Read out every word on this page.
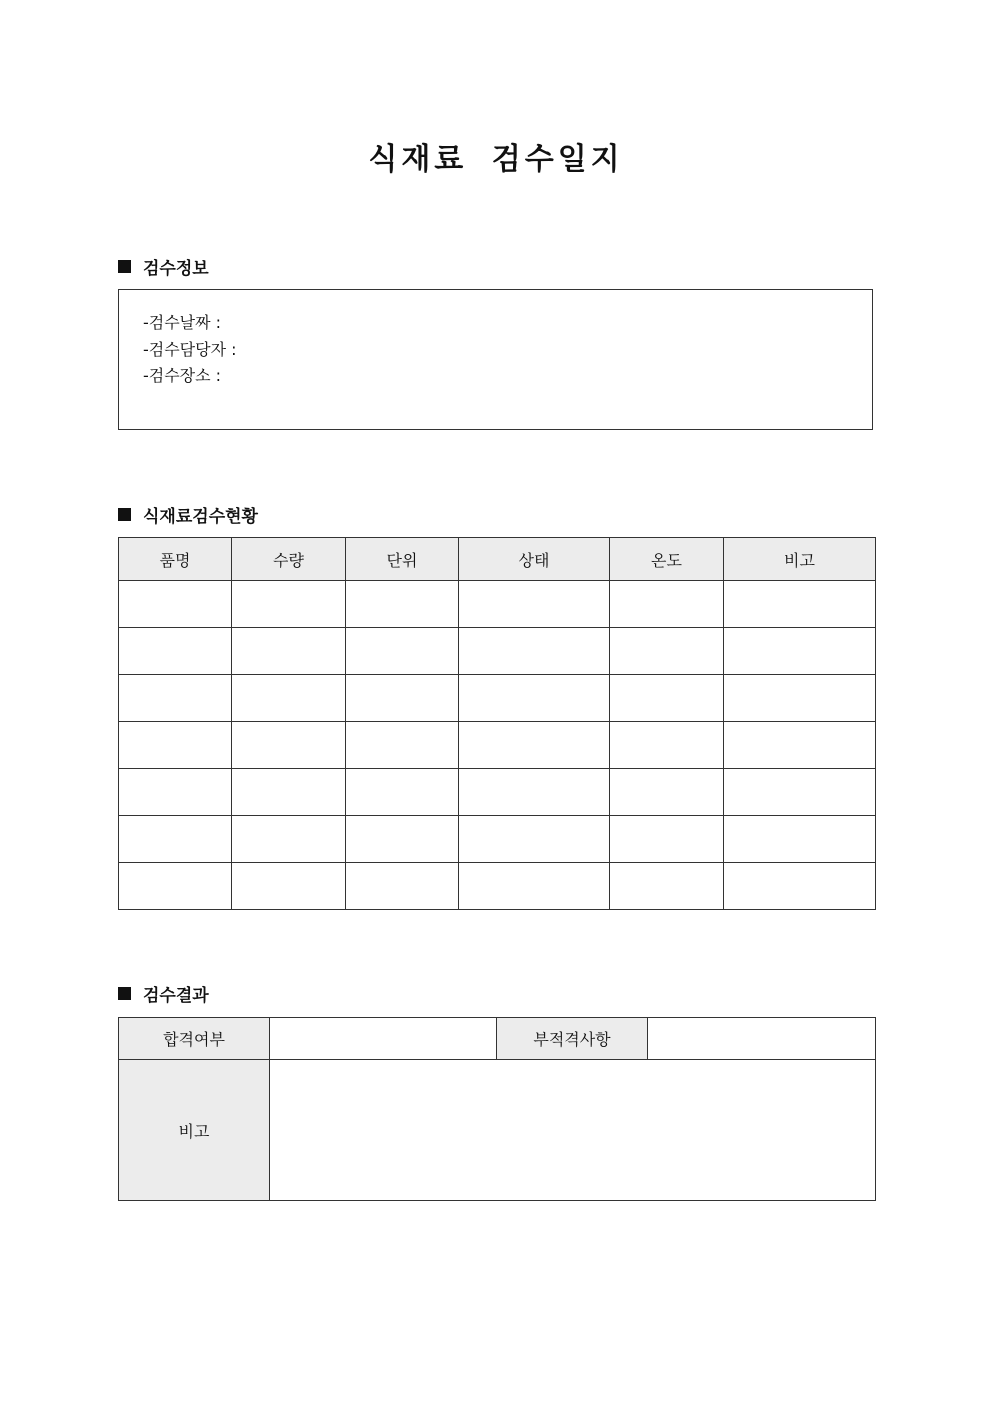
식재료 검수일지
검수정보
-검수날짜 :
-검수담당자 :
-검수장소 :
식재료검수현황
품명	수량	단위	상태	온도	비고

검수결과
합격여부		부적격사항	
비고			
